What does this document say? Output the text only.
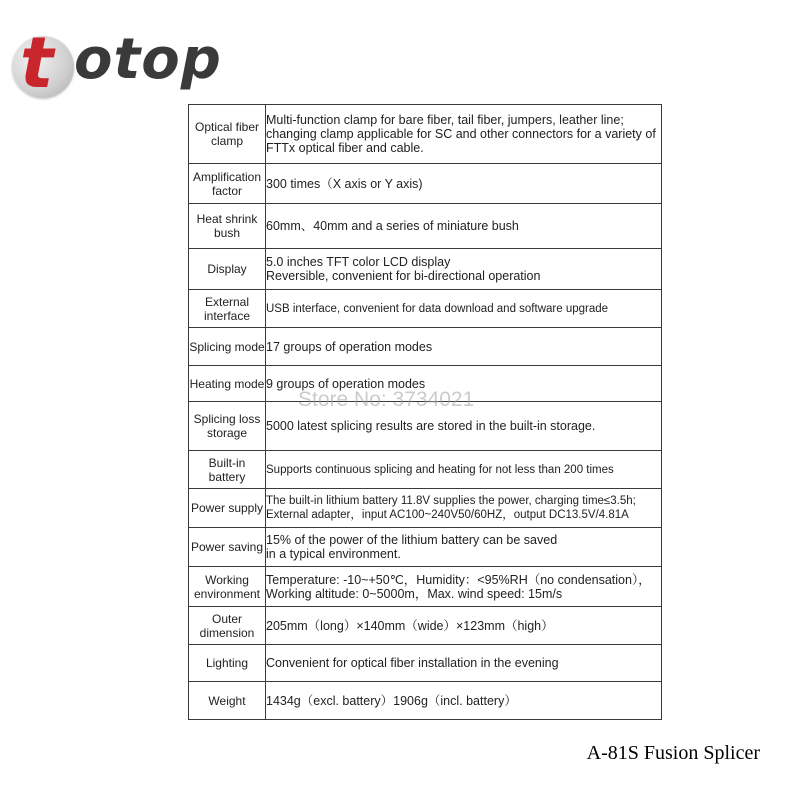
t otop
Optical fiber clamp	Multi-function clamp for bare fiber, tail fiber, jumpers, leather line; changing clamp applicable for SC and other connectors for a variety of FTTx optical fiber and cable.
Amplification factor	300 times（X axis or Y axis)
Heat shrink bush	60mm、40mm and a series of miniature bush
Display	5.0 inches TFT color LCD display
Reversible, convenient for bi-directional operation
External interface	USB interface, convenient for data download and software upgrade
Splicing mode	17 groups of operation modes
Heating mode	9 groups of operation modes
Splicing loss storage	5000 latest splicing results are stored in the built-in storage.
Built-in battery	Supports continuous splicing and heating for not less than 200 times
Power supply	The built-in lithium battery 11.8V supplies the power, charging time≤3.5h;
External adapter，input AC100~240V50/60HZ，output DC13.5V/4.81A
Power saving	15% of the power of the lithium battery can be saved
in a typical environment.
Working environment	Temperature: -10~+50℃，Humidity：<95%RH（no condensation），
Working altitude: 0~5000m，Max. wind speed: 15m/s
Outer dimension	205mm（long）×140mm（wide）×123mm（high）
Lighting	Convenient for optical fiber installation in the evening
Weight	1434g（excl. battery）1906g（incl. battery）
Store No: 3734021
A-81S Fusion Splicer
